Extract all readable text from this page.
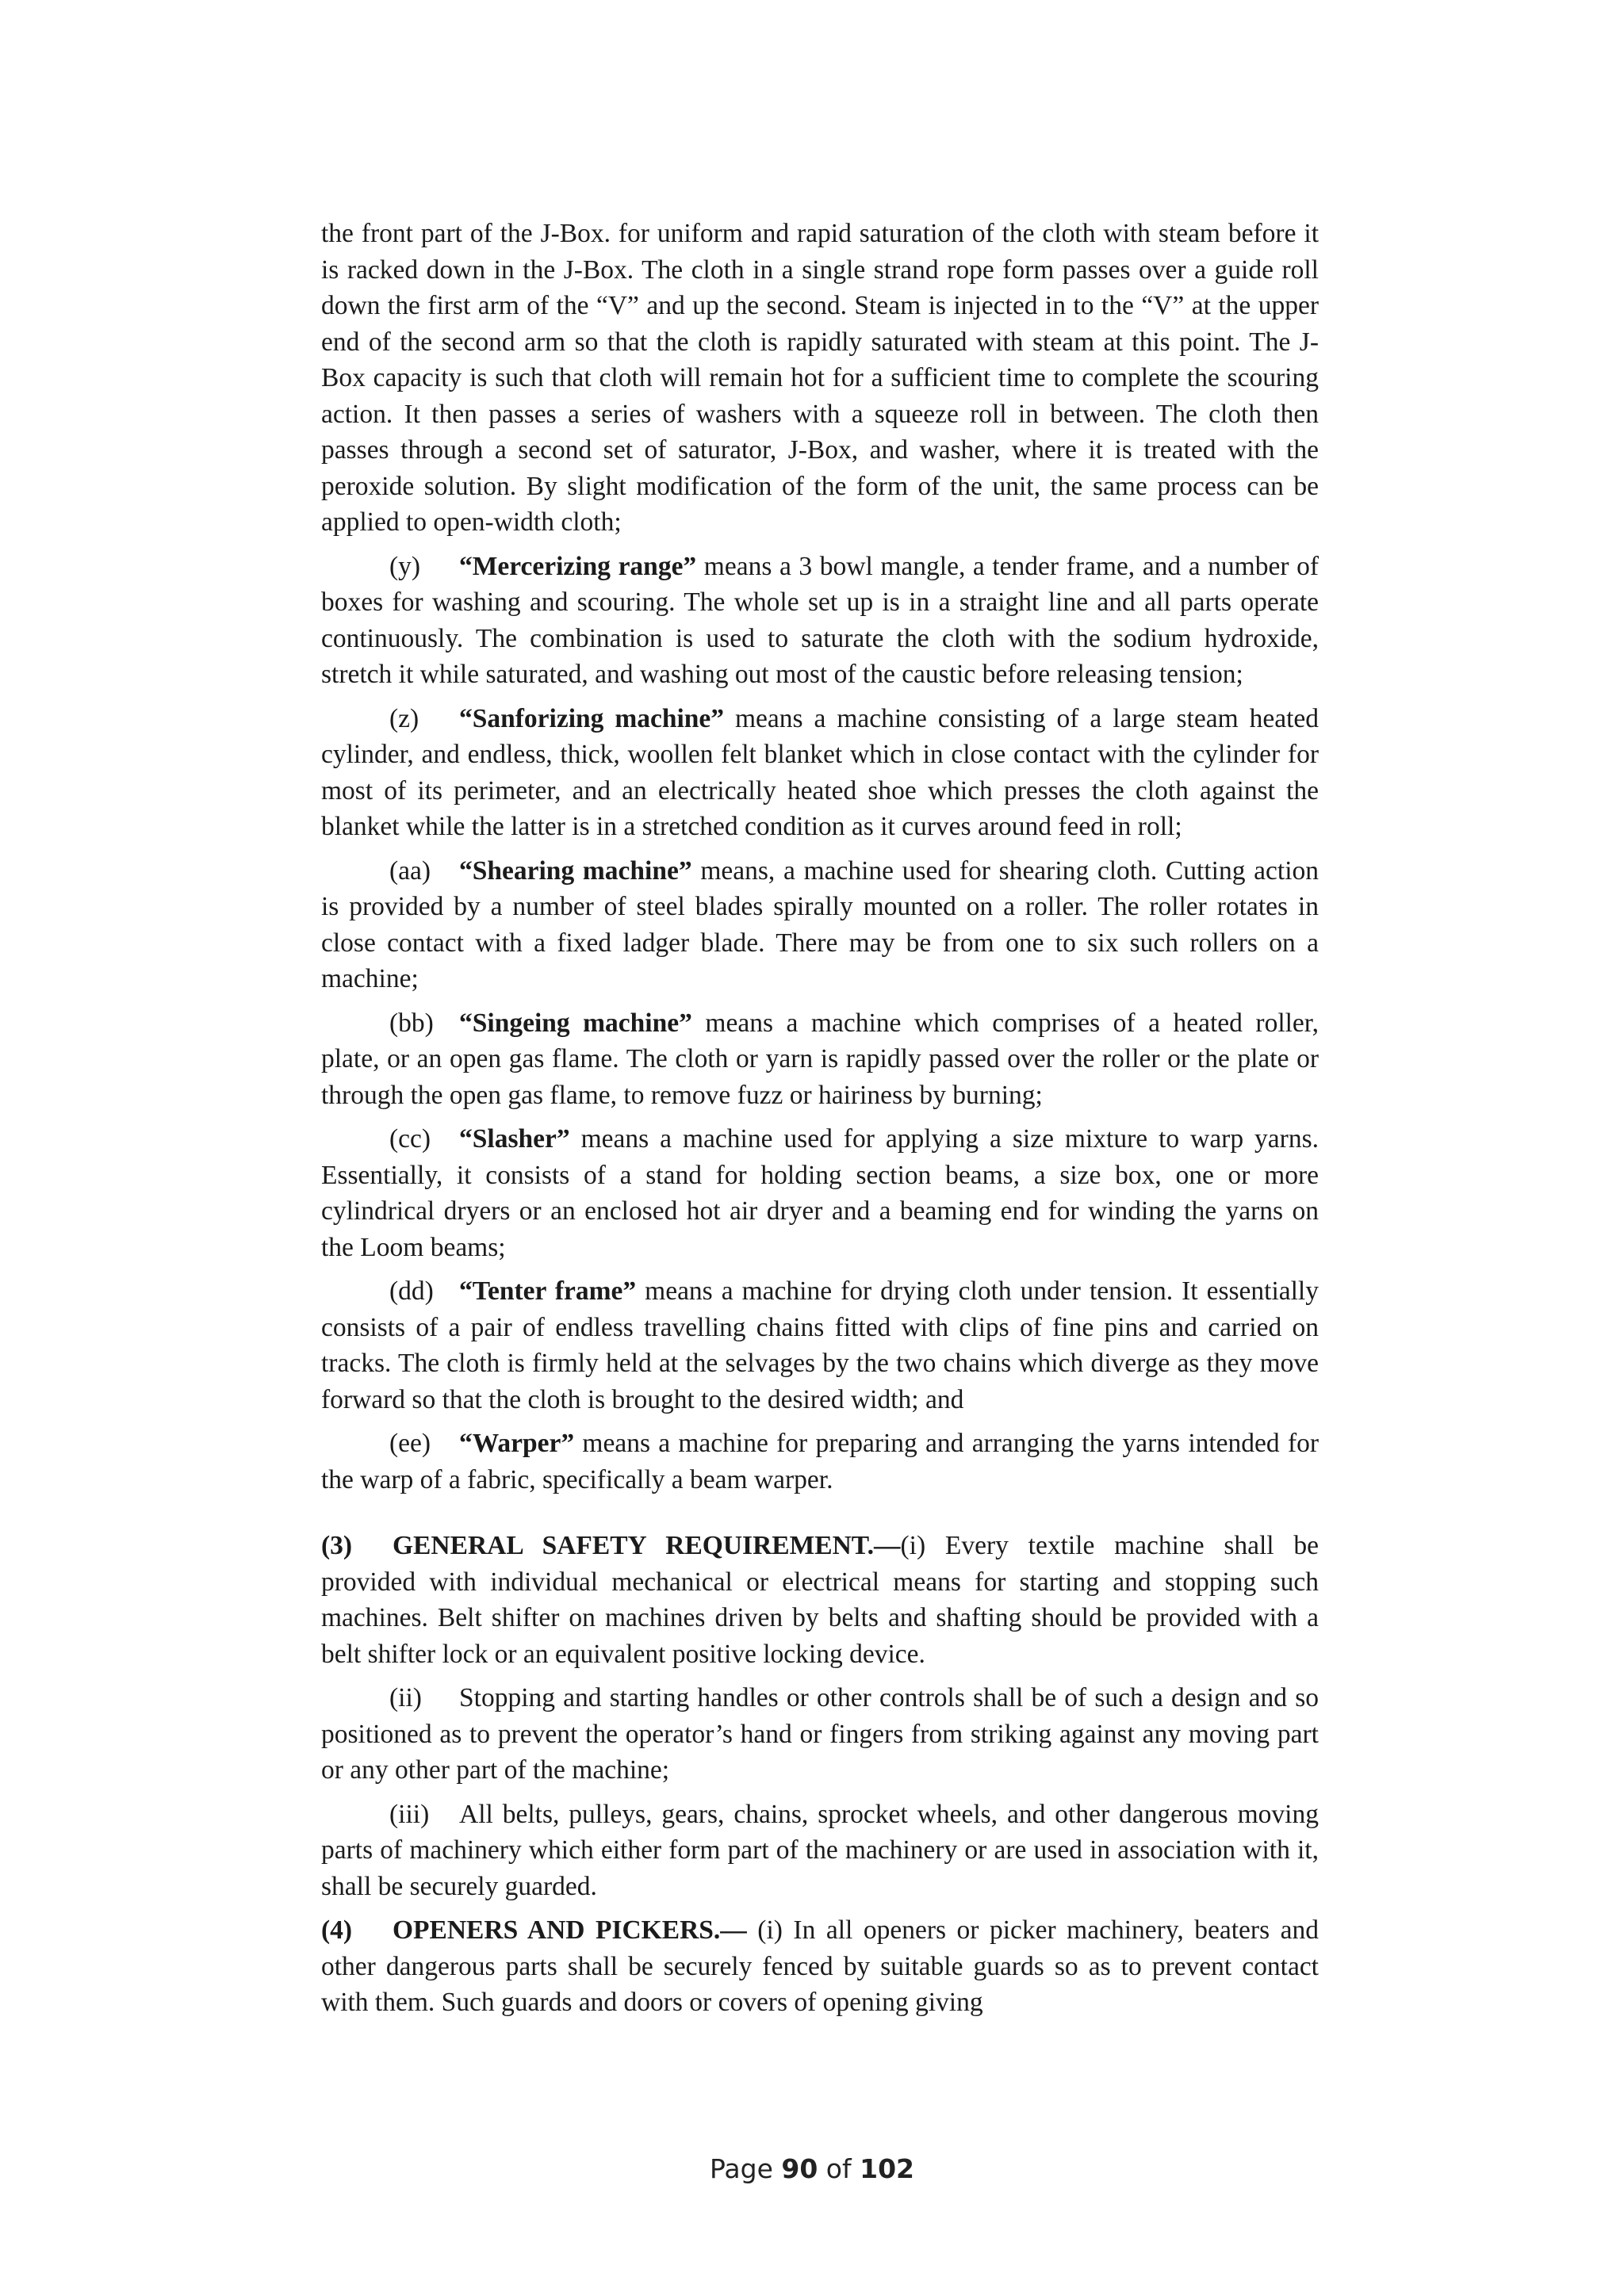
the front part of the J-Box. for uniform and rapid saturation of the cloth with steam before it is racked down in the J-Box. The cloth in a single strand rope form passes over a guide roll down the first arm of the “V” and up the second. Steam is injected in to the “V” at the upper end of the second arm so that the cloth is rapidly saturated with steam at this point. The J-Box capacity is such that cloth will remain hot for a sufficient time to complete the scouring action. It then passes a series of washers with a squeeze roll in between. The cloth then passes through a second set of saturator, J-Box, and washer, where it is treated with the peroxide solution. By slight modification of the form of the unit, the same process can be applied to open-width cloth;

(y) “Mercerizing range” means a 3 bowl mangle, a tender frame, and a number of boxes for washing and scouring. The whole set up is in a straight line and all parts operate continuously. The combination is used to saturate the cloth with the sodium hydroxide, stretch it while saturated, and washing out most of the caustic before releasing tension;

(z) “Sanforizing machine” means a machine consisting of a large steam heated cylinder, and endless, thick, woollen felt blanket which in close contact with the cylinder for most of its perimeter, and an electrically heated shoe which presses the cloth against the blanket while the latter is in a stretched condition as it curves around feed in roll;

(aa) “Shearing machine” means, a machine used for shearing cloth. Cutting action is provided by a number of steel blades spirally mounted on a roller. The roller rotates in close contact with a fixed ladger blade. There may be from one to six such rollers on a machine;

(bb) “Singeing machine” means a machine which comprises of a heated roller, plate, or an open gas flame. The cloth or yarn is rapidly passed over the roller or the plate or through the open gas flame, to remove fuzz or hairiness by burning;

(cc) “Slasher” means a machine used for applying a size mixture to warp yarns. Essentially, it consists of a stand for holding section beams, a size box, one or more cylindrical dryers or an enclosed hot air dryer and a beaming end for winding the yarns on the Loom beams;

(dd) “Tenter frame” means a machine for drying cloth under tension. It essentially consists of a pair of endless travelling chains fitted with clips of fine pins and carried on tracks. The cloth is firmly held at the selvages by the two chains which diverge as they move forward so that the cloth is brought to the desired width; and

(ee) “Warper” means a machine for preparing and arranging the yarns intended for the warp of a fabric, specifically a beam warper.

(3) GENERAL SAFETY REQUIREMENT.—(i) Every textile machine shall be provided with individual mechanical or electrical means for starting and stopping such machines. Belt shifter on machines driven by belts and shafting should be provided with a belt shifter lock or an equivalent positive locking device.

(ii) Stopping and starting handles or other controls shall be of such a design and so positioned as to prevent the operator’s hand or fingers from striking against any moving part or any other part of the machine;

(iii) All belts, pulleys, gears, chains, sprocket wheels, and other dangerous moving parts of machinery which either form part of the machinery or are used in association with it, shall be securely guarded.

(4) OPENERS AND PICKERS.— (i) In all openers or picker machinery, beaters and other dangerous parts shall be securely fenced by suitable guards so as to prevent contact with them. Such guards and doors or covers of opening giving

Page 90 of 102
